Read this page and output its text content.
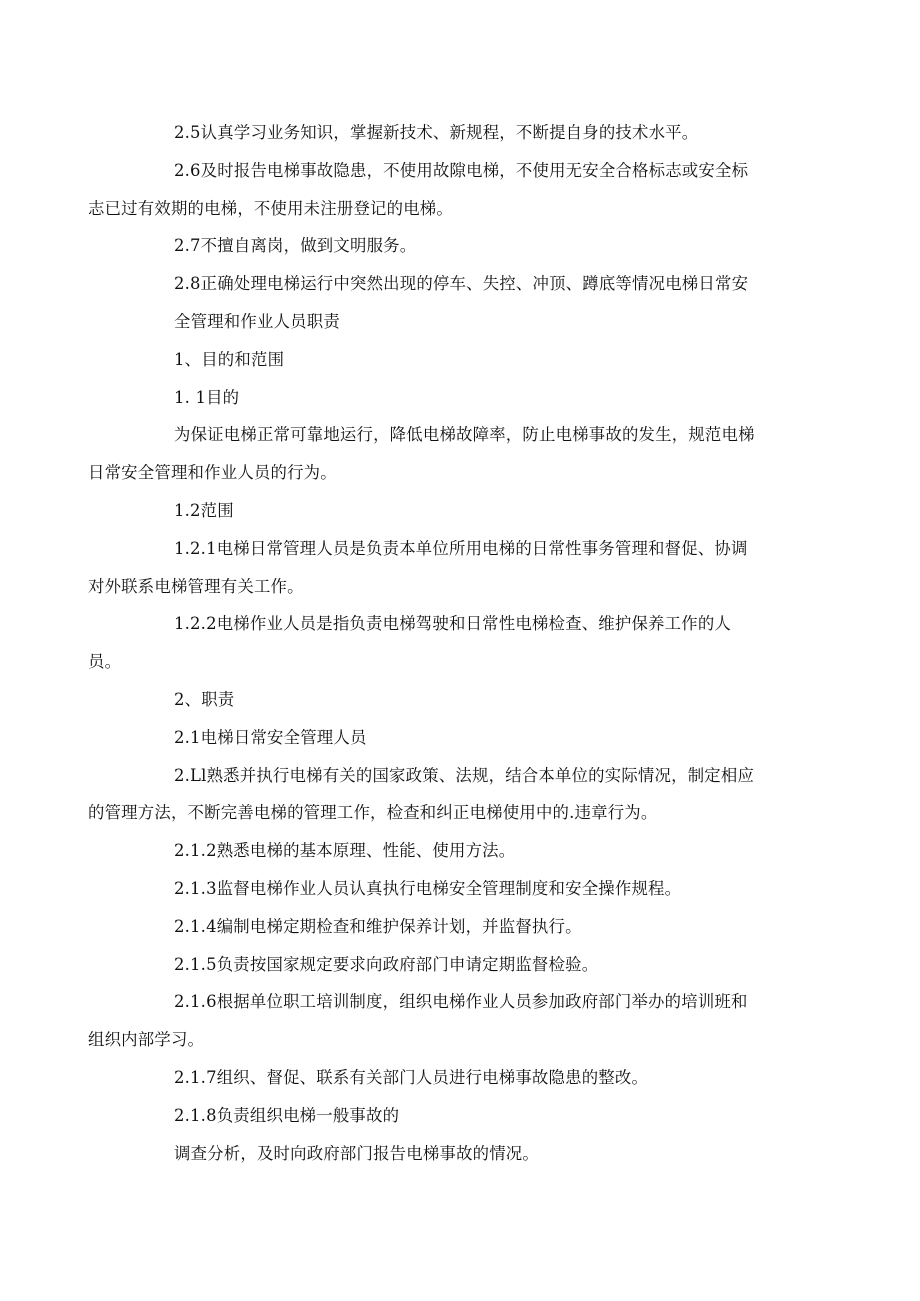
2.5认真学习业务知识，掌握新技术、新规程，不断提自身的技术水平。

2.6及时报告电梯事故隐患，不使用故隙电梯，不使用无安全合格标志或安全标
志已过有效期的电梯，不使用未注册登记的电梯。

2.7不擅自离岗，做到文明服务。

2.8正确处理电梯运行中突然出现的停车、失控、冲顶、蹲底等情况电梯日常安
全管理和作业人员职责

1、目的和范围

1. 1目的

为保证电梯正常可靠地运行，降低电梯故障率，防止电梯事故的发生，规范电梯
日常安全管理和作业人员的行为。

1.2范围

1.2.1电梯日常管理人员是负责本单位所用电梯的日常性事务管理和督促、协调
对外联系电梯管理有关工作。

1.2.2电梯作业人员是指负责电梯驾驶和日常性电梯检查、维护保养工作的人
员。

2、职责

2.1电梯日常安全管理人员

2.Ll熟悉并执行电梯有关的国家政策、法规，结合本单位的实际情况，制定相应
的管理方法，不断完善电梯的管理工作，检查和纠正电梯使用中的.违章行为。

2.1.2熟悉电梯的基本原理、性能、使用方法。

2.1.3监督电梯作业人员认真执行电梯安全管理制度和安全操作规程。

2.1.4编制电梯定期检查和维护保养计划，并监督执行。

2.1.5负责按国家规定要求向政府部门申请定期监督检验。

2.1.6根据单位职工培训制度，组织电梯作业人员参加政府部门举办的培训班和
组织内部学习。

2.1.7组织、督促、联系有关部门人员进行电梯事故隐患的整改。

2.1.8负责组织电梯一般事故的

调查分析，及时向政府部门报告电梯事故的情况。
